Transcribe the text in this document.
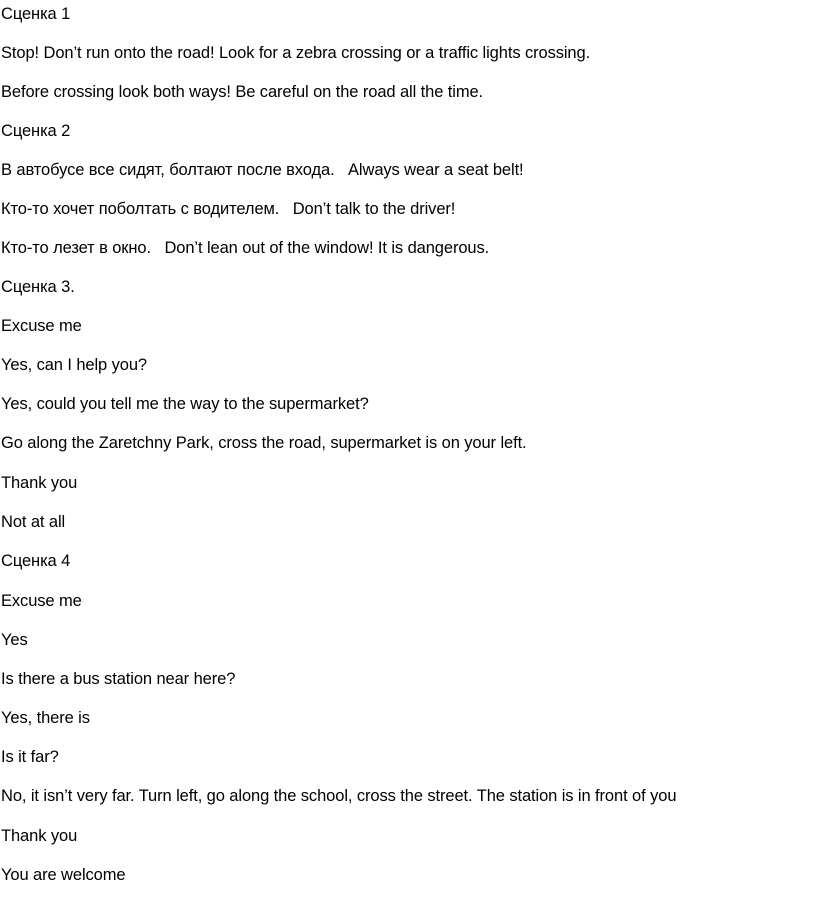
Сценка 1
Stop! Don’t run onto the road! Look for a zebra crossing or a traffic lights crossing.
Before crossing look both ways! Be careful on the road all the time.
Сценка 2
В автобусе все сидят, болтают после входа.   Always wear a seat belt!
Кто-то хочет поболтать с водителем.   Don’t talk to the driver!
Кто-то лезет в окно.   Don’t lean out of the window! It is dangerous.
Сценка 3.
Excuse me
Yes, can I help you?
Yes, could you tell me the way to the supermarket?
Go along the Zaretchny Park, cross the road, supermarket is on your left.
Thank you
Not at all
Сценка 4
Excuse me
Yes
Is there a bus station near here?
Yes, there is
Is it far?
No, it isn’t very far. Turn left, go along the school, cross the street. The station is in front of you
Thank you
You are welcome
